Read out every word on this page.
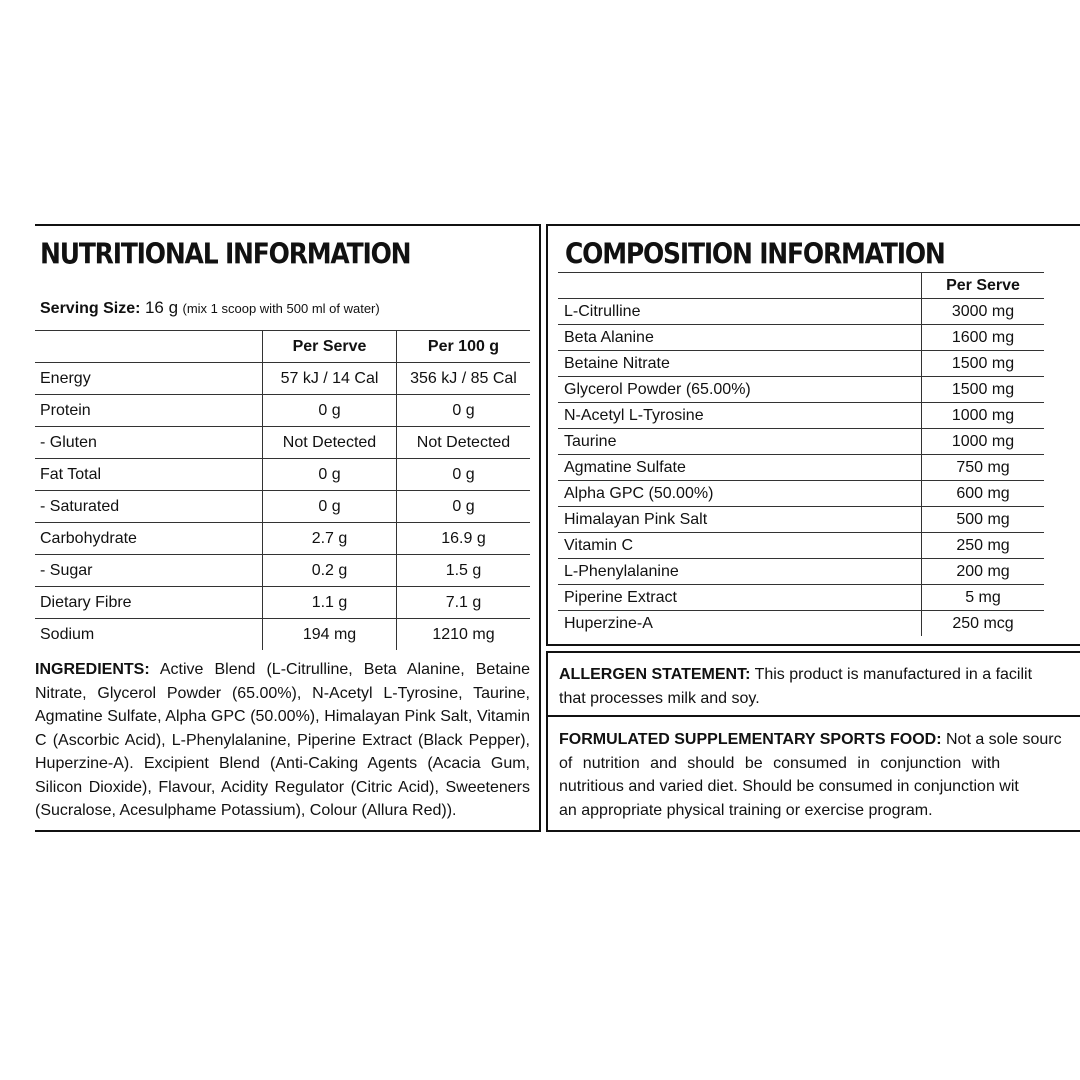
NUTRITIONAL INFORMATION
Serving Size: 16 g (mix 1 scoop with 500 ml of water)
	Per Serve	Per 100 g
Energy	57 kJ / 14 Cal	356 kJ / 85 Cal
Protein	0 g	0 g
- Gluten	Not Detected	Not Detected
Fat Total	0 g	0 g
- Saturated	0 g	0 g
Carbohydrate	2.7 g	16.9 g
- Sugar	0.2 g	1.5 g
Dietary Fibre	1.1 g	7.1 g
Sodium	194 mg	1210 mg
INGREDIENTS: Active Blend (L-Citrulline, Beta Alanine, Betaine Nitrate, Glycerol Powder (65.00%), N-Acetyl L-Tyrosine, Taurine, Agmatine Sulfate, Alpha GPC (50.00%), Himalayan Pink Salt, Vitamin C (Ascorbic Acid), L-Phenylalanine, Piperine Extract (Black Pepper), Huperzine-A). Excipient Blend (Anti-Caking Agents (Acacia Gum, Silicon Dioxide), Flavour, Acidity Regulator (Citric Acid), Sweeteners (Sucralose, Acesulphame Potassium), Colour (Allura Red)).
COMPOSITION INFORMATION
	Per Serve
L-Citrulline	3000 mg
Beta Alanine	1600 mg
Betaine Nitrate	1500 mg
Glycerol Powder (65.00%)	1500 mg
N-Acetyl L-Tyrosine	1000 mg
Taurine	1000 mg
Agmatine Sulfate	750 mg
Alpha GPC (50.00%)	600 mg
Himalayan Pink Salt	500 mg
Vitamin C	250 mg
L-Phenylalanine	200 mg
Piperine Extract	5 mg
Huperzine-A	250 mcg
ALLERGEN STATEMENT: This product is manufactured in a facilit
that processes milk and soy.
FORMULATED SUPPLEMENTARY SPORTS FOOD: Not a sole sourc
of nutrition and should be consumed in conjunction with
nutritious and varied diet. Should be consumed in conjunction wit
an appropriate physical training or exercise program.
